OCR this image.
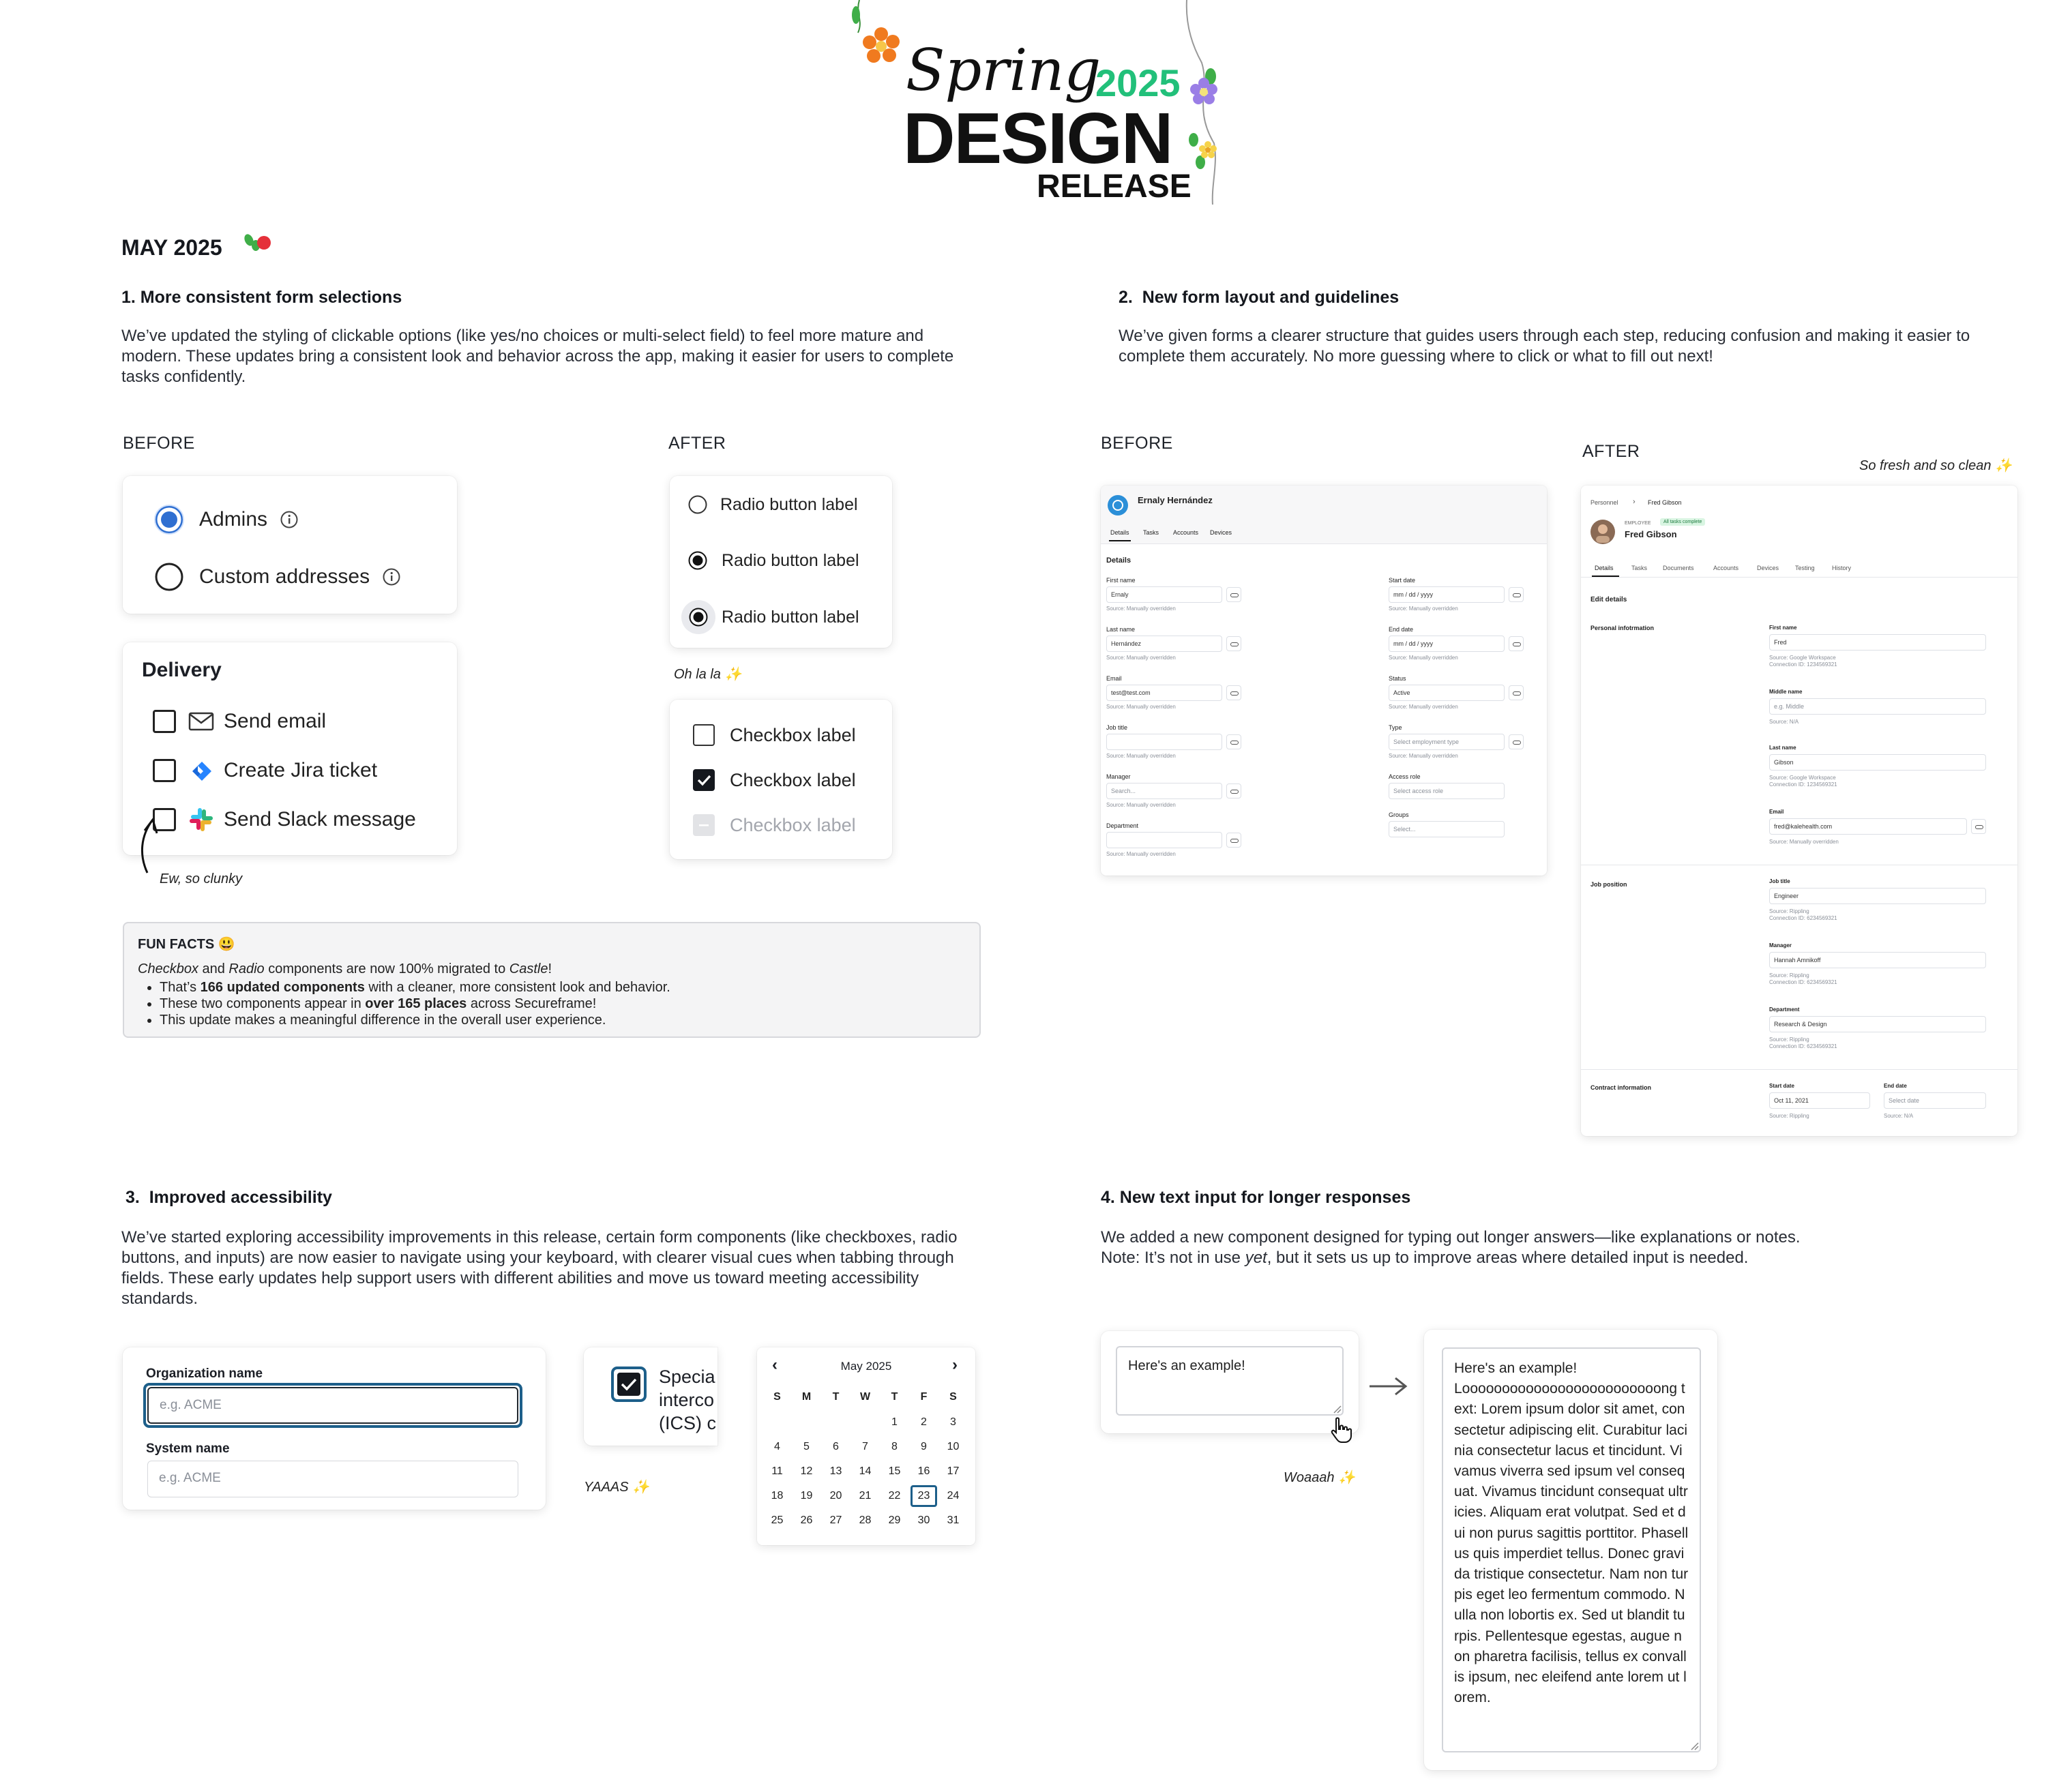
Spring
2025
DESIGN
RELEASE
MAY 2025
1. More consistent form selections
We’ve updated the styling of clickable options (like yes/no choices or multi-select field) to feel more mature and modern. These updates bring a consistent look and behavior across the app, making it easier for users to complete tasks confidently.
BEFORE	AFTER
Admins
Custom addresses
Delivery
Send email
Create Jira ticket
Send Slack message
Ew, so clunky
Radio button label
Radio button label
Radio button label
Oh la la ✨
Checkbox label
Checkbox label
Checkbox label
FUN FACTS 😃
Checkbox and Radio components are now 100% migrated to Castle!
• That’s 166 updated components with a cleaner, more consistent look and behavior.
• These two components appear in over 165 places across Secureframe!
• This update makes a meaningful difference in the overall user experience.
2.  New form layout and guidelines
We’ve given forms a clearer structure that guides users through each step, reducing confusion and making it easier to complete them accurately. No more guessing where to click or what to fill out next!
BEFORE	AFTER
So fresh and so clean ✨
Ernaly Hernández
Details Tasks Accounts Devices
Details
First name
Ernaly
Source: Manually overridden
Last name
Hernández
Source: Manually overridden
Email
test@test.com
Source: Manually overridden
Job title
Source: Manually overridden
Manager
Search...
Source: Manually overridden
Department
Source: Manually overridden
Start date
mm / dd / yyyy
Source: Manually overridden
End date
mm / dd / yyyy
Source: Manually overridden
Status
Active
Source: Manually overridden
Type
Select employment type
Source: Manually overridden
Access role
Select access role
Groups
Select...
Personnel › Fred Gibson
EMPLOYEE	All tasks complete
Fred Gibson
Details	Tasks	Documents	Accounts	Devices	Testing	History
Edit details
Personal infotrmation	First name
Fred
Source: Google Workspace
Connection ID: 1234569321
Middle name
e.g. Middle
Source: N/A
Last name
Gibson
Source: Google Workspace
Connection ID: 1234569321
Email
fred@kalehealth.com
Source: Manually overridden
Job position	Job title
Engineer
Source: Rippling
Connection ID: 6234569321
Manager
Hannah Amnikoff
Source: Rippling
Connection ID: 6234569321
Department
Research & Design
Source: Rippling
Connection ID: 6234569321
Contract information	Start date
Oct 11, 2021
End date
Select date
Source: Rippling	Source: N/A
3.  Improved accessibility
We’ve started exploring accessibility improvements in this release, certain form components (like checkboxes, radio buttons, and inputs) are now easier to navigate using your keyboard, with clearer visual cues when tabbing through fields. These early updates help support users with different abilities and move us toward meeting accessibility standards.
Organization name
e.g. ACME
System name
e.g. ACME
Specia
interco
(ICS) c
YAAAS ✨
‹	May 2025	›
S	M	T	W	T	F	S
				1	2	3
4	5	6	7	8	9	10
11	12	13	14	15	16	17
18	19	20	21	22	23	24
25	26	27	28	29	30	31
4. New text input for longer responses
We added a new component designed for typing out longer answers—like explanations or notes.
Note: It’s not in use yet, but it sets us up to improve areas where detailed input is needed.
Here's an example!
Woaaah ✨
Here's an example!
Looooooooooooooooooooooooong text: Lorem ipsum dolor sit amet, consectetur adipiscing elit. Curabitur lacinia consectetur lacus et tincidunt. Vivamus viverra sed ipsum vel consequat. Vivamus tincidunt consequat ultricies. Aliquam erat volutpat. Sed et dui non purus sagittis porttitor. Phasellus quis imperdiet tellus. Donec gravida tristique consectetur. Nam non turpis eget leo fermentum commodo. Nulla non lobortis ex. Sed ut blandit turpis. Pellentesque egestas, augue non pharetra facilisis, tellus ex convallis ipsum, nec eleifend ante lorem ut lorem.
